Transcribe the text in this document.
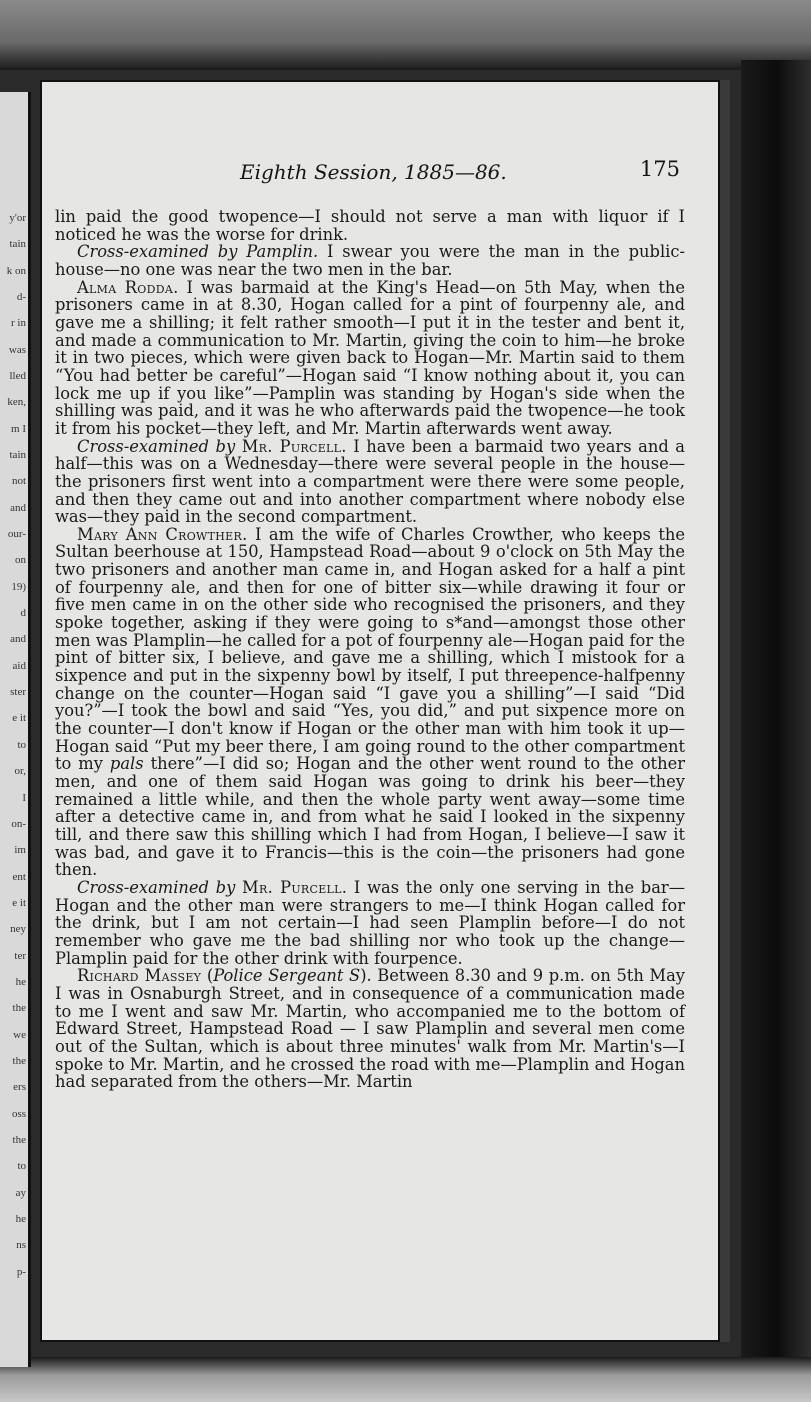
y'or
tain
k on
d-
r in
was
lled
ken,
m I
tain
not
and
our-
on
19)
d
and
aid
ster
e it
to
or,
I
on-
im
ent
e it
ney
ter
he
the
we
the
ers
oss
the
to
ay
he
ns
p-
Eighth Session, 1885—86.	175

lin paid the good twopence—I should not serve a man with liquor if I noticed he was the worse for drink.

Cross-examined by Pamplin. I swear you were the man in the public-house—no one was near the two men in the bar.

Alma Rodda. I was barmaid at the King's Head—on 5th May, when the prisoners came in at 8.30, Hogan called for a pint of fourpenny ale, and gave me a shilling; it felt rather smooth—I put it in the tester and bent it, and made a communication to Mr. Martin, giving the coin to him—he broke it in two pieces, which were given back to Hogan—Mr. Martin said to them “You had better be careful”—Hogan said “I know nothing about it, you can lock me up if you like”—Pamplin was standing by Hogan's side when the shilling was paid, and it was he who afterwards paid the twopence—he took it from his pocket—they left, and Mr. Martin afterwards went away.

Cross-examined by Mr. Purcell. I have been a barmaid two years and a half—this was on a Wednesday—there were several people in the house—the prisoners first went into a compartment were there were some people, and then they came out and into another compartment where nobody else was—they paid in the second compartment.

Mary Ann Crowther. I am the wife of Charles Crowther, who keeps the Sultan beerhouse at 150, Hampstead Road—about 9 o'clock on 5th May the two prisoners and another man came in, and Hogan asked for a half a pint of fourpenny ale, and then for one of bitter six—while drawing it four or five men came in on the other side who recognised the prisoners, and they spoke together, asking if they were going to s*and—amongst those other men was Plamplin—he called for a pot of fourpenny ale—Hogan paid for the pint of bitter six, I believe, and gave me a shilling, which I mistook for a sixpence and put in the sixpenny bowl by itself, I put threepence-halfpenny change on the counter—Hogan said “I gave you a shilling”—I said “Did you?”—I took the bowl and said “Yes, you did,” and put sixpence more on the counter—I don't know if Hogan or the other man with him took it up—Hogan said “Put my beer there, I am going round to the other compartment to my pals there”—I did so; Hogan and the other went round to the other men, and one of them said Hogan was going to drink his beer—they remained a little while, and then the whole party went away—some time after a detective came in, and from what he said I looked in the sixpenny till, and there saw this shilling which I had from Hogan, I believe—I saw it was bad, and gave it to Francis—this is the coin—the prisoners had gone then.

Cross-examined by Mr. Purcell. I was the only one serving in the bar—Hogan and the other man were strangers to me—I think Hogan called for the drink, but I am not certain—I had seen Plamplin before—I do not remember who gave me the bad shilling nor who took up the change—Plamplin paid for the other drink with fourpence.

Richard Massey (Police Sergeant S). Between 8.30 and 9 p.m. on 5th May I was in Osnaburgh Street, and in consequence of a communication made to me I went and saw Mr. Martin, who accompanied me to the bottom of Edward Street, Hampstead Road — I saw Plamplin and several men come out of the Sultan, which is about three minutes' walk from Mr. Martin's—I spoke to Mr. Martin, and he crossed the road with me—Plamplin and Hogan had separated from the others—Mr. Martin
